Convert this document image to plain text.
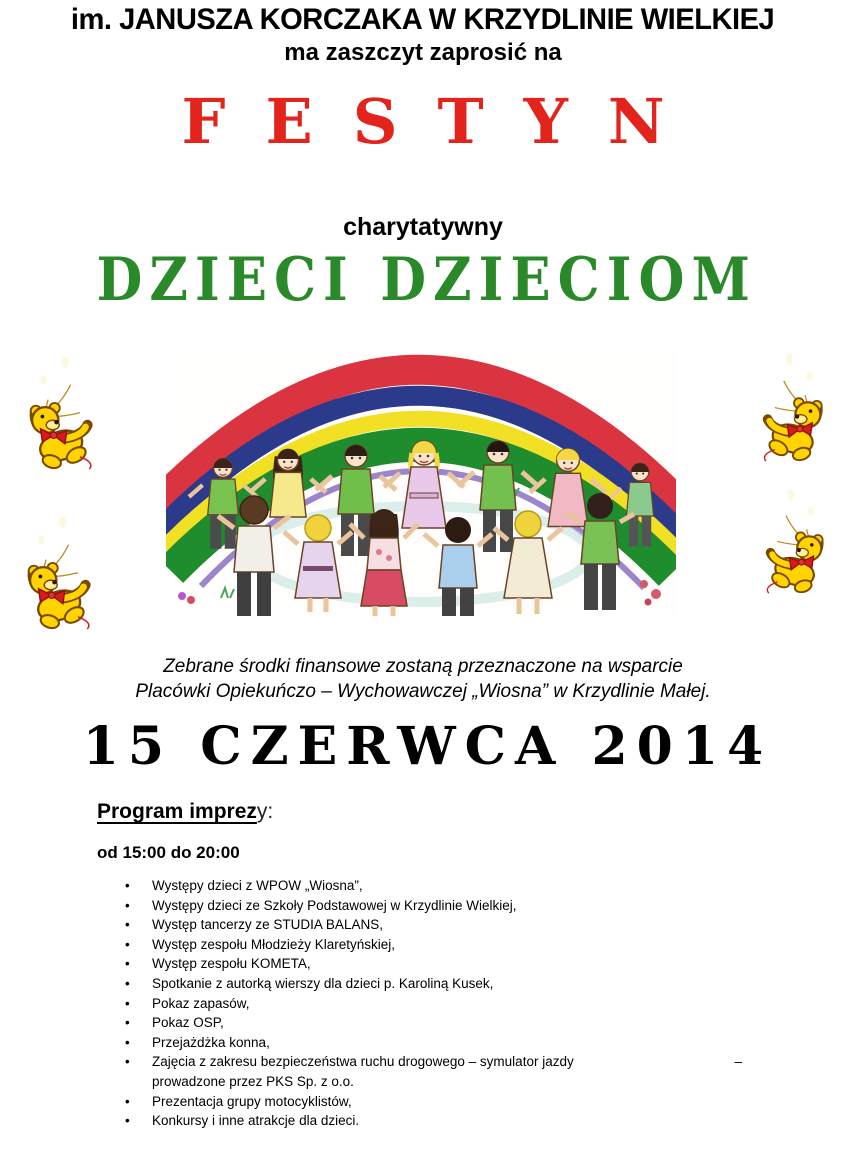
im. JANUSZA KORCZAKA W KRZYDLINIE WIELKIEJ
ma zaszczyt zaprosić na
FESTYN
charytatywny
DZIECI DZIECIOM
Zebrane środki finansowe zostaną przeznaczone na wsparcie
Placówki Opiekuńczo – Wychowawczej „Wiosna” w Krzydlinie Małej.
15 CZERWCA 2014
Program imprezy:
od 15:00 do 20:00
•	Występy dzieci z WPOW „Wiosna”,
•	Występy dzieci ze Szkoły Podstawowej w Krzydlinie Wielkiej,
•	Występ tancerzy ze STUDIA BALANS,
•	Występ zespołu Młodzieży Klaretyńskiej,
•	Występ zespołu KOMETA,
•	Spotkanie z autorką wierszy dla dzieci p. Karoliną Kusek,
•	Pokaz zapasów,
•	Pokaz OSP,
•	Przejażdżka konna,
•	Zajęcia z zakresu bezpieczeństwa ruchu drogowego – symulator jazdy	–
prowadzone przez PKS Sp. z o.o.
•	Prezentacja grupy motocyklistów,
•	Konkursy i inne atrakcje dla dzieci.
